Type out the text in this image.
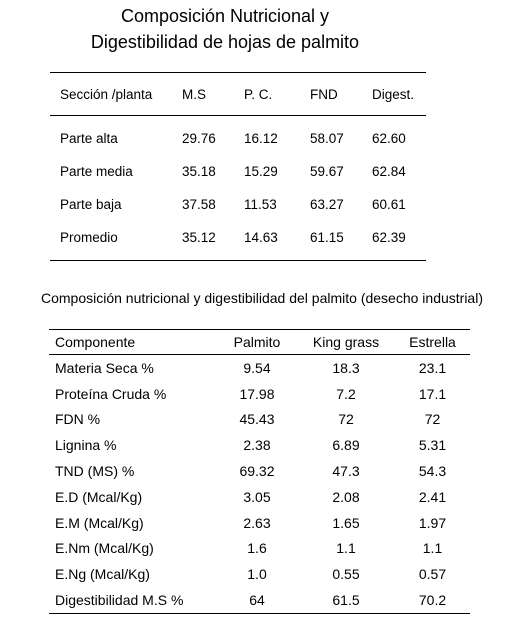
Composición Nutricional y
Digestibilidad de hojas de palmito
Sección /planta	M.S	P. C.	FND	Digest.
Parte alta	29.76	16.12	58.07	62.60
Parte media	35.18	15.29	59.67	62.84
Parte baja	37.58	11.53	63.27	60.61
Promedio	35.12	14.63	61.15	62.39
Composición nutricional y digestibilidad del palmito (desecho industrial)
Componente	Palmito	King grass	Estrella
Materia Seca %	9.54	18.3	23.1
Proteína Cruda %	17.98	7.2	17.1
FDN %	45.43	72	72
Lignina %	2.38	6.89	5.31
TND (MS) %	69.32	47.3	54.3
E.D (Mcal/Kg)	3.05	2.08	2.41
E.M (Mcal/Kg)	2.63	1.65	1.97
E.Nm (Mcal/Kg)	1.6	1.1	1.1
E.Ng (Mcal/Kg)	1.0	0.55	0.57
Digestibilidad M.S %	64	61.5	70.2
